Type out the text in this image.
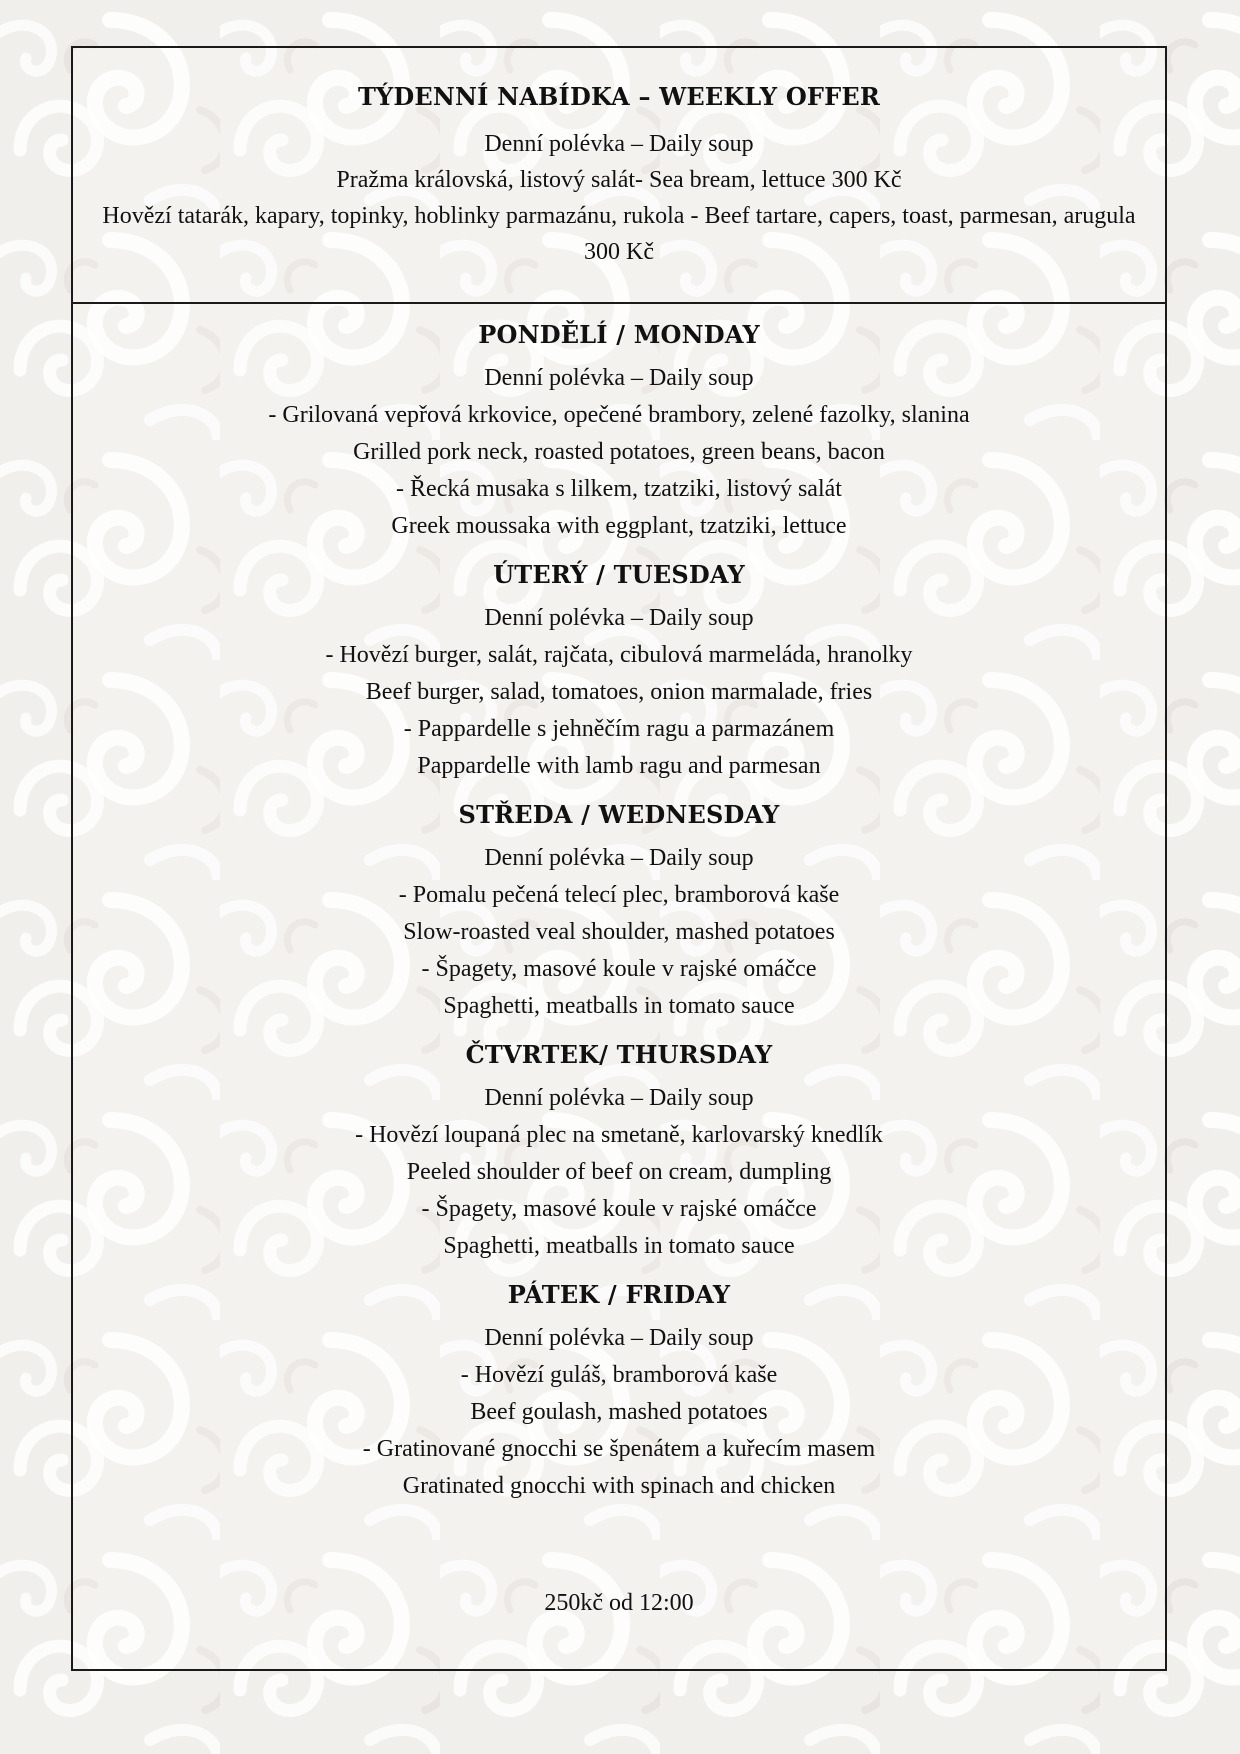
TÝDENNÍ NABÍDKA – WEEKLY OFFER

Denní polévka – Daily soup

Pražma královská, listový salát- Sea bream, lettuce 300 Kč

Hovězí tatarák, kapary, topinky, hoblinky parmazánu, rukola - Beef tartare, capers, toast, parmesan, arugula 300 Kč

PONDĚLÍ / MONDAY

Denní polévka – Daily soup

- Grilovaná vepřová krkovice, opečené brambory, zelené fazolky, slanina

Grilled pork neck, roasted potatoes, green beans, bacon

- Řecká musaka s lilkem, tzatziki, listový salát

Greek moussaka with eggplant, tzatziki, lettuce

ÚTERÝ / TUESDAY

Denní polévka – Daily soup

- Hovězí burger, salát, rajčata, cibulová marmeláda, hranolky

Beef burger, salad, tomatoes, onion marmalade, fries

- Pappardelle s jehněčím ragu a parmazánem

Pappardelle with lamb ragu and parmesan

STŘEDA / WEDNESDAY

Denní polévka – Daily soup

- Pomalu pečená telecí plec, bramborová kaše

Slow-roasted veal shoulder, mashed potatoes

- Špagety, masové koule v rajské omáčce

Spaghetti, meatballs in tomato sauce

ČTVRTEK/ THURSDAY

Denní polévka – Daily soup

- Hovězí loupaná plec na smetaně, karlovarský knedlík

Peeled shoulder of beef on cream, dumpling

- Špagety, masové koule v rajské omáčce

Spaghetti, meatballs in tomato sauce

PÁTEK / FRIDAY

Denní polévka – Daily soup

- Hovězí guláš, bramborová kaše

Beef goulash, mashed potatoes

- Gratinované gnocchi se špenátem a kuřecím masem

Gratinated gnocchi with spinach and chicken

250kč od 12:00
